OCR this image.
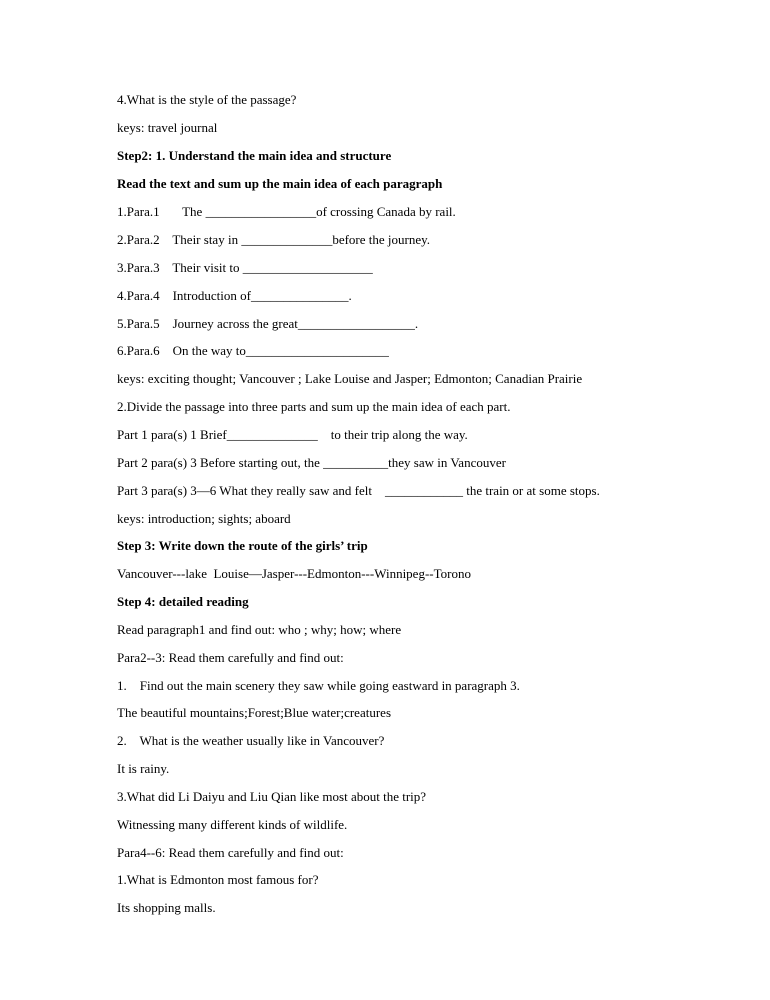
4.What is the style of the passage?
keys: travel journal
Step2: 1. Understand the main idea and structure
Read the text and sum up the main idea of each paragraph
1.Para.1       The _________________of crossing Canada by rail.
2.Para.2    Their stay in ______________before the journey.
3.Para.3    Their visit to ____________________
4.Para.4    Introduction of_______________.
5.Para.5    Journey across the great__________________.
6.Para.6    On the way to______________________
keys: exciting thought; Vancouver ; Lake Louise and Jasper; Edmonton; Canadian Prairie
2.Divide the passage into three parts and sum up the main idea of each part.
Part 1 para(s) 1 Brief______________    to their trip along the way.
Part 2 para(s) 3 Before starting out, the __________they saw in Vancouver
Part 3 para(s) 3—6 What they really saw and felt    ____________ the train or at some stops.
keys: introduction; sights; aboard
Step 3: Write down the route of the girls’ trip
Vancouver---lake  Louise—Jasper---Edmonton---Winnipeg--Torono
Step 4: detailed reading
Read paragraph1 and find out: who ; why; how; where
Para2--3: Read them carefully and find out:
1.    Find out the main scenery they saw while going eastward in paragraph 3.
The beautiful mountains;Forest;Blue water;creatures
2.    What is the weather usually like in Vancouver?
It is rainy.
3.What did Li Daiyu and Liu Qian like most about the trip?
Witnessing many different kinds of wildlife.
Para4--6: Read them carefully and find out:
1.What is Edmonton most famous for?
Its shopping malls.
